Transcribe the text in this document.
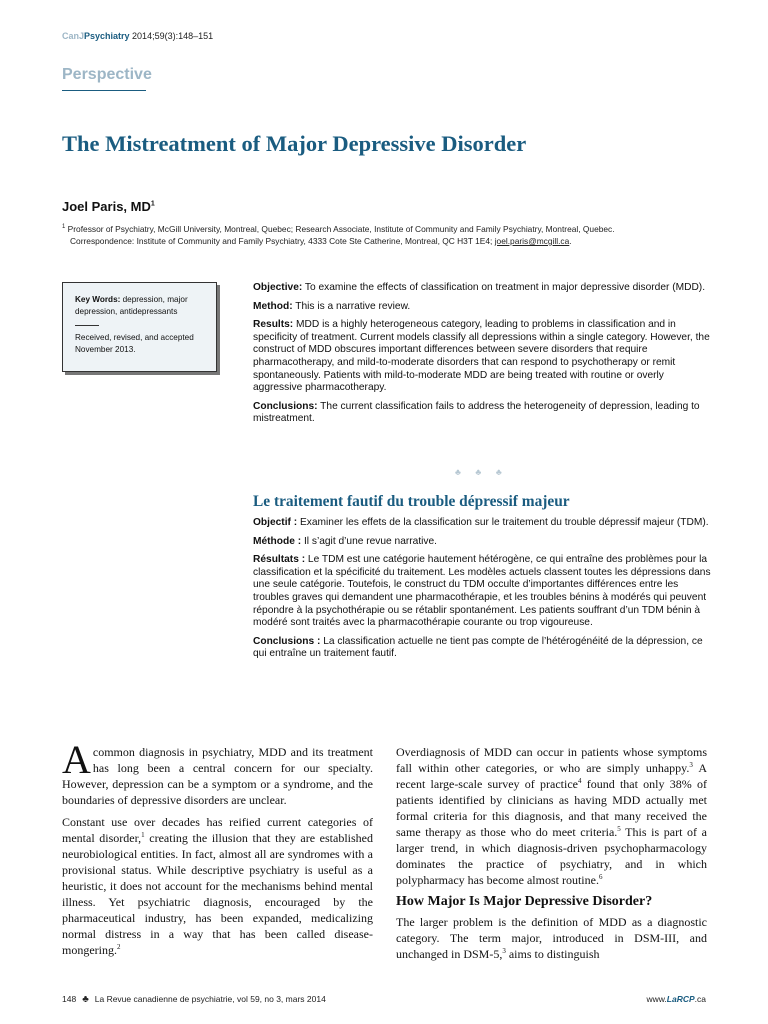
CanJPsychiatry 2014;59(3):148–151
Perspective
The Mistreatment of Major Depressive Disorder
Joel Paris, $MD^1$
$^1$ Professor of Psychiatry, McGill University, Montreal, Quebec; Research Associate, Institute of Community and Family Psychiatry, Montreal, Quebec.
Correspondence: Institute of Community and Family Psychiatry, 4333 Cote Ste Catherine, Montreal, QC H3T 1E4; joel.paris@mcgill.ca.
Key Words: depression, major depression, antidepressants
Received, revised, and accepted November 2013.

Objective: To examine the effects of classification on treatment in major depressive disorder (MDD).

Method: This is a narrative review.

Results: MDD is a highly heterogeneous category, leading to problems in classification and in specificity of treatment. Current models classify all depressions within a single category. However, the construct of MDD obscures important differences between severe disorders that require pharmacotherapy, and mild-to-moderate disorders that can respond to psychotherapy or remit spontaneously. Patients with mild-to-moderate MDD are being treated with routine or overly aggressive pharmacotherapy.

Conclusions: The current classification fails to address the heterogeneity of depression, leading to mistreatment.

♣ ♣ ♣
Le traitement fautif du trouble dépressif majeur

Objectif : Examiner les effets de la classification sur le traitement du trouble dépressif majeur (TDM).

Méthode : Il s’agit d’une revue narrative.

Résultats : Le TDM est une catégorie hautement hétérogène, ce qui entraîne des problèmes pour la classification et la spécificité du traitement. Les modèles actuels classent toutes les dépressions dans une seule catégorie. Toutefois, le construct du TDM occulte d’importantes différences entre les troubles graves qui demandent une pharmacothérapie, et les troubles bénins à modérés qui peuvent répondre à la psychothérapie ou se rétablir spontanément. Les patients souffrant d’un TDM bénin à modéré sont traités avec la pharmacothérapie courante ou trop vigoureuse.

Conclusions : La classification actuelle ne tient pas compte de l’hétérogénéité de la dépression, ce qui entraîne un traitement fautif.

A common diagnosis in psychiatry, MDD and its treatment has long been a central concern for our specialty. However, depression can be a symptom or a syndrome, and the boundaries of depressive disorders are unclear.

Constant use over decades has reified current categories of mental disorder,$^1$ creating the illusion that they are established neurobiological entities. In fact, almost all are syndromes with a provisional status. While descriptive psychiatry is useful as a heuristic, it does not account for the mechanisms behind mental illness. Yet psychiatric diagnosis, encouraged by the pharmaceutical industry, has been expanded, medicalizing normal distress in a way that has been called disease-mongering.$^2$

Overdiagnosis of MDD can occur in patients whose symptoms fall within other categories, or who are simply unhappy.$^3$ A recent large-scale survey of practice$^4$ found that only 38% of patients identified by clinicians as having MDD actually met formal criteria for this diagnosis, and that many received the same therapy as those who do meet criteria.$^5$ This is part of a larger trend, in which diagnosis-driven psychopharmacology dominates the practice of psychiatry, and in which polypharmacy has become almost routine.$^6$

How Major Is Major Depressive Disorder?

The larger problem is the definition of MDD as a diagnostic category. The term major, introduced in DSM-III, and unchanged in DSM-5,$^3$ aims to distinguish

148 ♣ La Revue canadienne de psychiatrie, vol 59, no 3, mars 2014	www.LaRCP.ca
